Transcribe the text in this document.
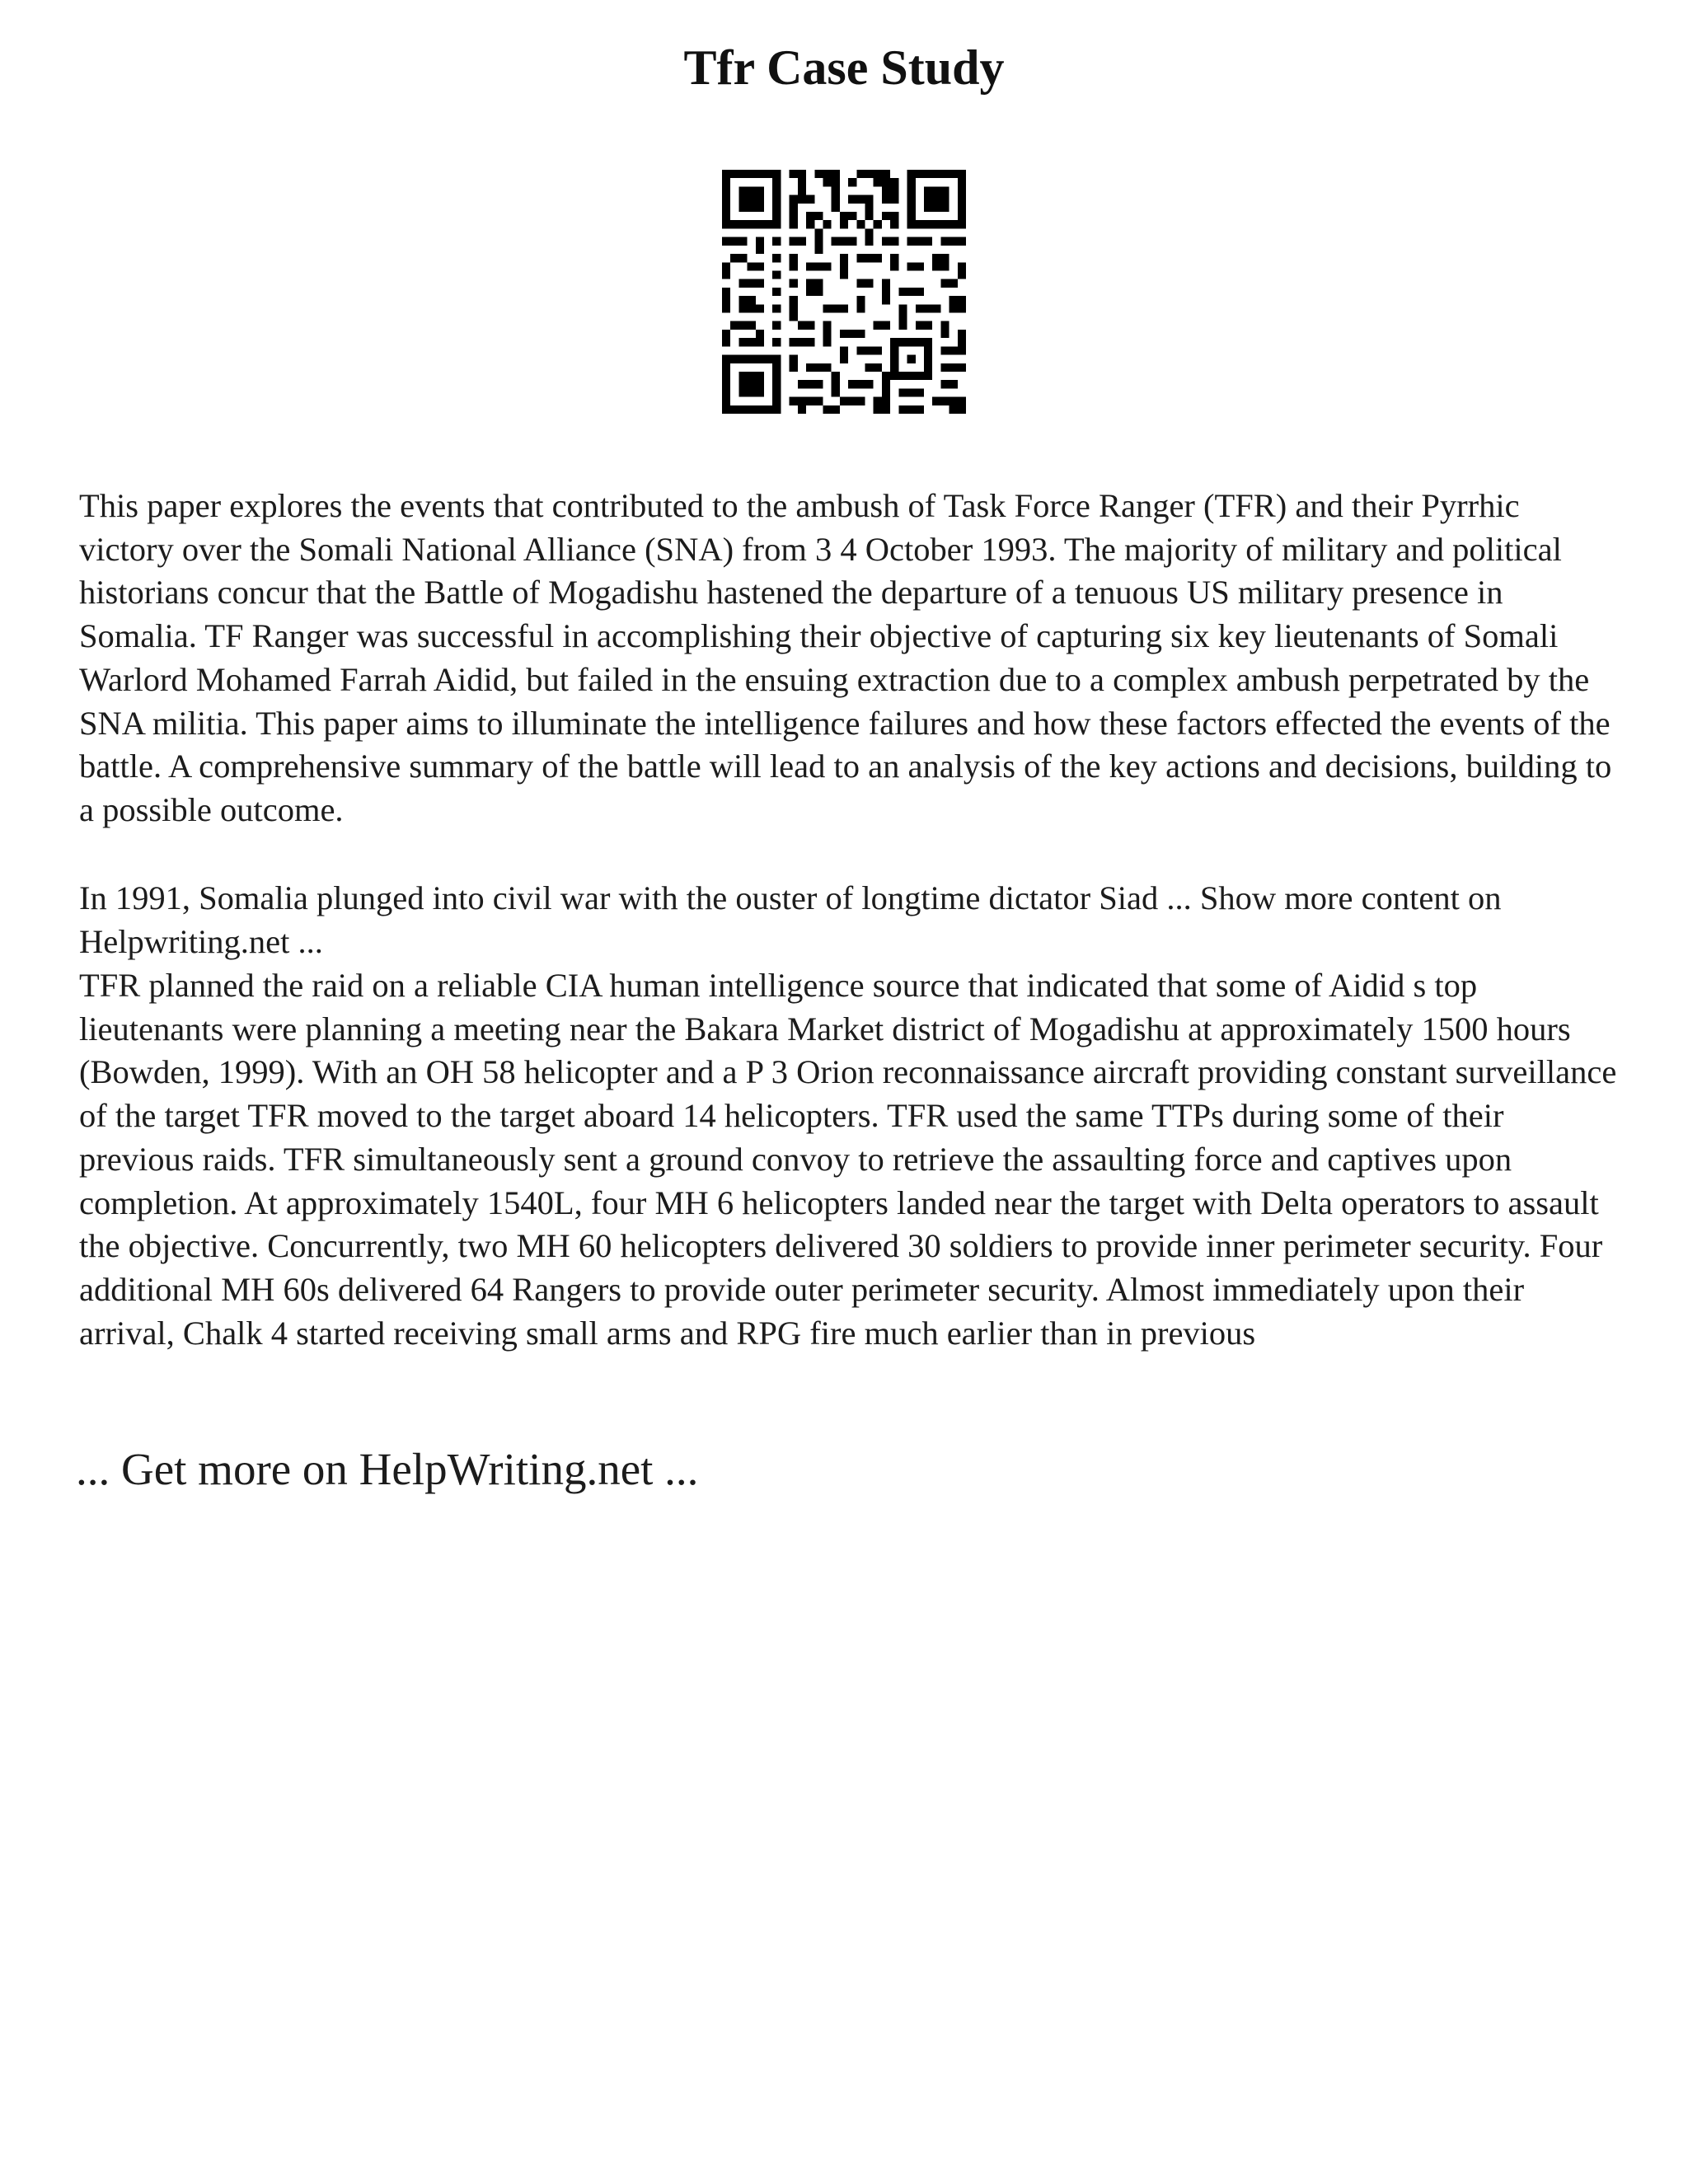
Tfr Case Study

This paper explores the events that contributed to the ambush of Task Force Ranger (TFR) and their Pyrrhic victory over the Somali National Alliance (SNA) from 3 4 October 1993. The majority of military and political historians concur that the Battle of Mogadishu hastened the departure of a tenuous US military presence in Somalia. TF Ranger was successful in accomplishing their objective of capturing six key lieutenants of Somali Warlord Mohamed Farrah Aidid, but failed in the ensuing extraction due to a complex ambush perpetrated by the SNA militia. This paper aims to illuminate the intelligence failures and how these factors effected the events of the battle. A comprehensive summary of the battle will lead to an analysis of the key actions and decisions, building to a possible outcome.

In 1991, Somalia plunged into civil war with the ouster of longtime dictator Siad ... Show more content on Helpwriting.net ...

TFR planned the raid on a reliable CIA human intelligence source that indicated that some of Aidid s top lieutenants were planning a meeting near the Bakara Market district of Mogadishu at approximately 1500 hours (Bowden, 1999). With an OH 58 helicopter and a P 3 Orion reconnaissance aircraft providing constant surveillance of the target TFR moved to the target aboard 14 helicopters. TFR used the same TTPs during some of their previous raids. TFR simultaneously sent a ground convoy to retrieve the assaulting force and captives upon completion. At approximately 1540L, four MH 6 helicopters landed near the target with Delta operators to assault the objective. Concurrently, two MH 60 helicopters delivered 30 soldiers to provide inner perimeter security. Four additional MH 60s delivered 64 Rangers to provide outer perimeter security. Almost immediately upon their arrival, Chalk 4 started receiving small arms and RPG fire much earlier than in previous

... Get more on HelpWriting.net ...
